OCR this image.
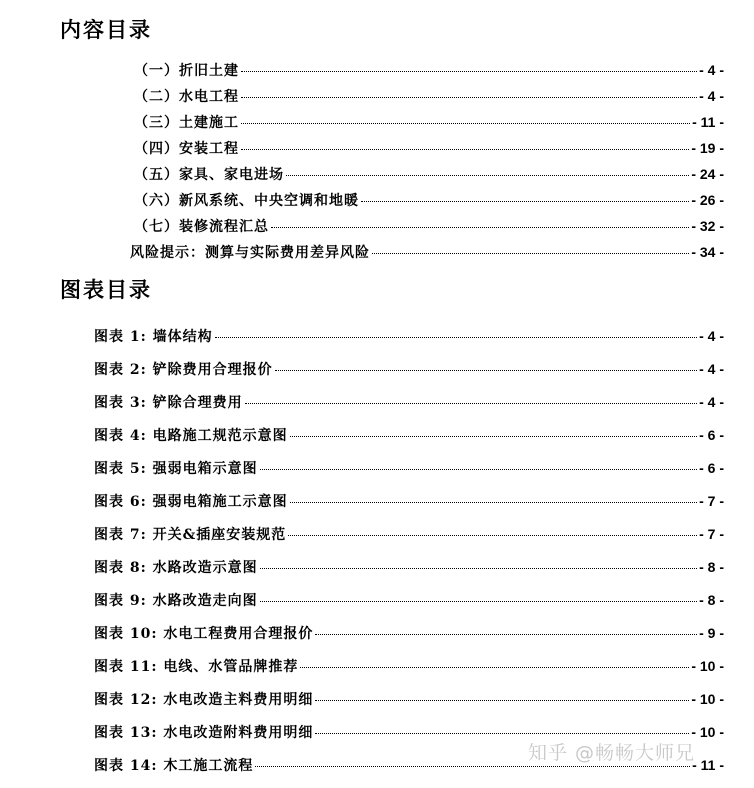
内容目录
（一）折旧土建	- 4 -
（二）水电工程	- 4 -
（三）土建施工	- 11 -
（四）安装工程	- 19 -
（五）家具、家电进场	- 24 -
（六）新风系统、中央空调和地暖	- 26 -
（七）装修流程汇总	- 32 -
风险提示：测算与实际费用差异风险	- 34 -
图表目录
图表 1: 墙体结构	- 4 -
图表 2: 铲除费用合理报价	- 4 -
图表 3: 铲除合理费用	- 4 -
图表 4: 电路施工规范示意图	- 6 -
图表 5: 强弱电箱示意图	- 6 -
图表 6: 强弱电箱施工示意图	- 7 -
图表 7: 开关&插座安装规范	- 7 -
图表 8: 水路改造示意图	- 8 -
图表 9: 水路改造走向图	- 8 -
图表 10: 水电工程费用合理报价	- 9 -
图表 11: 电线、水管品牌推荐	- 10 -
图表 12: 水电改造主料费用明细	- 10 -
图表 13: 水电改造附料费用明细	- 10 -
图表 14: 木工施工流程	- 11 -
知乎 @畅畅大师兄
